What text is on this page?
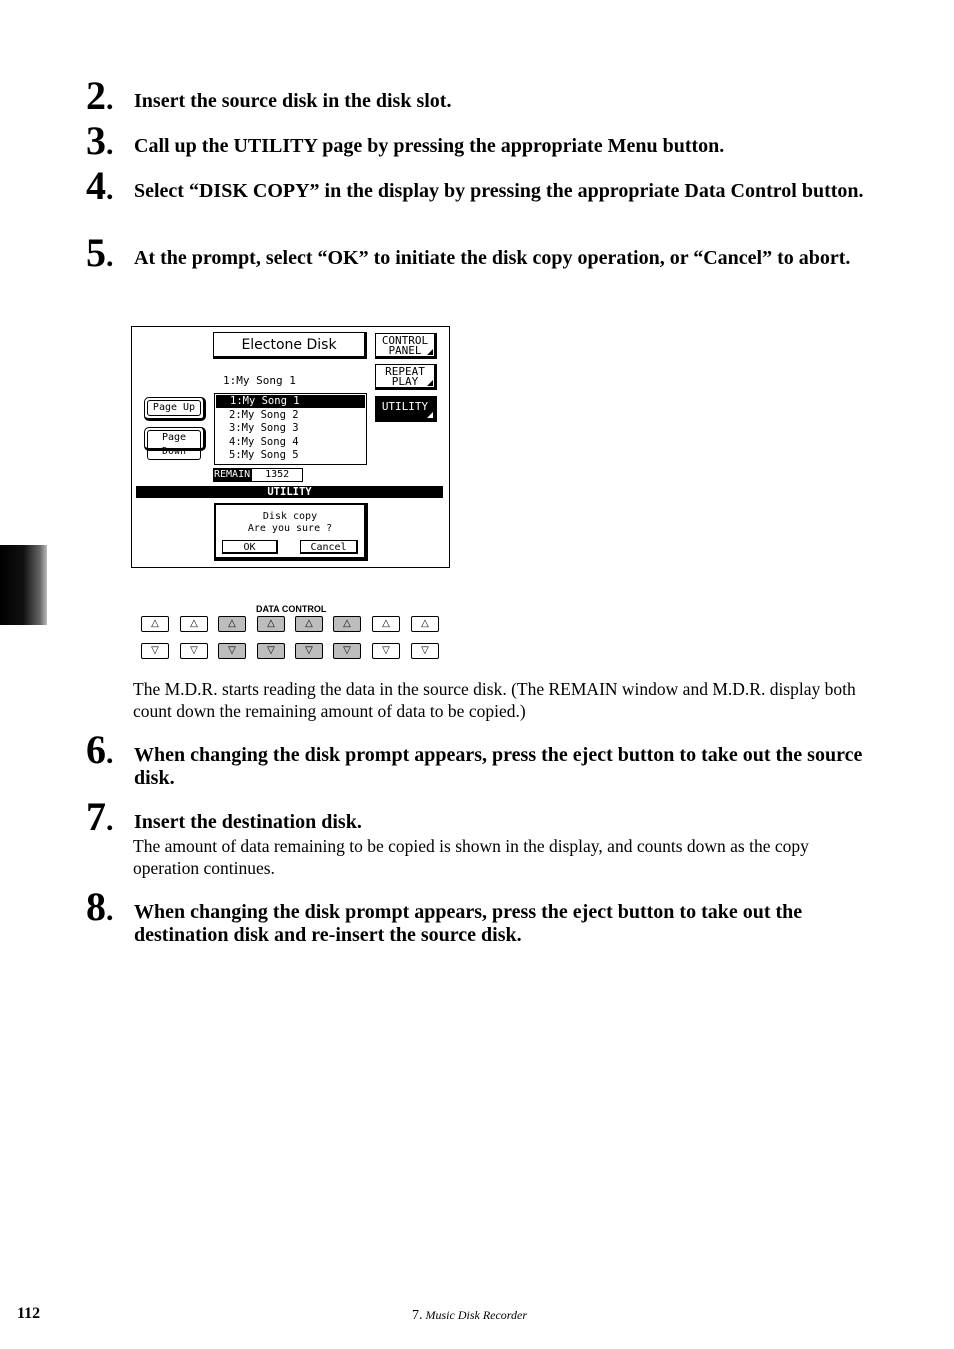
2 .	Insert the source disk in the disk slot.
3 .	Call up the UTILITY page by pressing the appropriate Menu button.
4 .	Select “DISK COPY” in the display by pressing the appropriate Data Control button.
5 .	At the prompt, select “OK” to initiate the disk copy operation, or “Cancel” to abort.
Electone Disk	CONTROL
PANEL
REPEAT
PLAY
UTILITY
1:My Song 1
Page Up
Page Down
1:My Song 1
2:My Song 2
3:My Song 3
4:My Song 4
5:My Song 5
REMAIN 1352
UTILITY
Disk copy
Are you sure ?
OK	Cancel
DATA CONTROL
△
▽
△
▽
△
▽
△
▽
△
▽
△
▽
△
▽
△
▽
The M.D.R. starts reading the data in the source disk. (The REMAIN window and M.D.R. display both count down the remaining amount of data to be copied.)
6 .	When changing the disk prompt appears, press the eject button to take out the source disk.
7 .	Insert the destination disk.
The amount of data remaining to be copied is shown in the display, and counts down as the copy operation continues.
8 .	When changing the disk prompt appears, press the eject button to take out the destination disk and re-insert the source disk.
112	7. Music Disk Recorder
